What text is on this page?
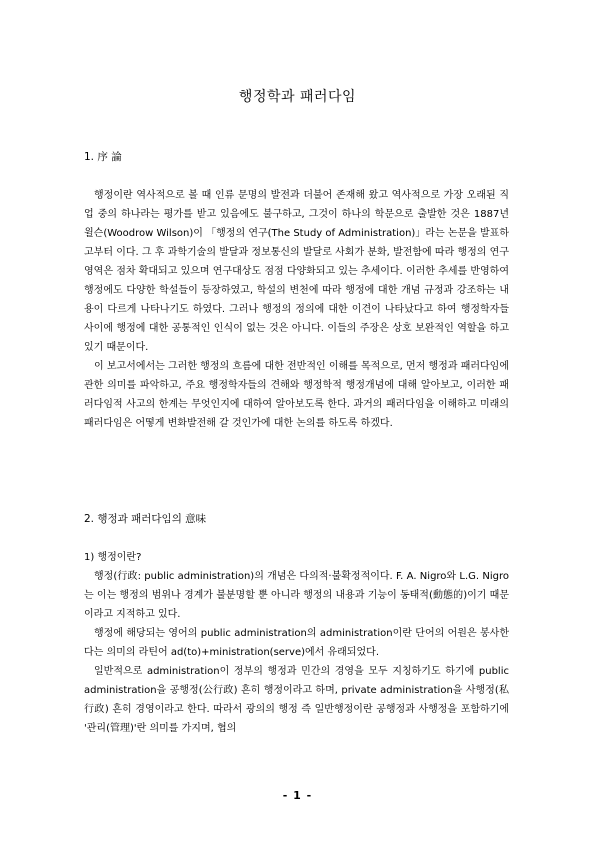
행정학과 패러다임

1. 序 論

행정이란 역사적으로 볼 때 인류 문명의 발전과 더불어 존재해 왔고 역사적으로 가장 오래된 직업 중의 하나라는 평가를 받고 있음에도 불구하고, 그것이 하나의 학문으로 출발한 것은 1887년 윌슨(Woodrow Wilson)이 「행정의 연구(The Study of Administration)」라는 논문을 발표하고부터 이다. 그 후 과학기술의 발달과 정보통신의 발달로 사회가 분화, 발전함에 따라 행정의 연구영역은 점차 확대되고 있으며 연구대상도 점점 다양화되고 있는 추세이다. 이러한 추세를 반영하여 행정에도 다양한 학설들이 등장하였고, 학설의 변천에 따라 행정에 대한 개념 규정과 강조하는 내용이 다르게 나타나기도 하였다. 그러나 행정의 정의에 대한 이견이 나타났다고 하여 행정학자들 사이에 행정에 대한 공통적인 인식이 없는 것은 아니다. 이들의 주장은 상호 보완적인 역할을 하고 있기 때문이다.

이 보고서에서는 그러한 행정의 흐름에 대한 전반적인 이해를 목적으로, 먼저 행정과 패러다임에 관한 의미를 파악하고, 주요 행정학자들의 견해와 행정학적 행정개념에 대해 알아보고, 이러한 패러다임적 사고의 한계는 무엇인지에 대하여 알아보도록 한다. 과거의 패러다임을 이해하고 미래의 패러다임은 어떻게 변화발전해 갈 것인가에 대한 논의를 하도록 하겠다.

2. 행정과 패러다임의 意味

1) 행정이란?

행정(行政: public administration)의 개념은 다의적·불확정적이다. F. A. Nigro와 L.G. Nigro는 이는 행정의 범위나 경계가 불분명할 뿐 아니라 행정의 내용과 기능이 동태적(動態的)이기 때문이라고 지적하고 있다.

행정에 해당되는 영어의 public administration의 administration이란 단어의 어원은 봉사한다는 의미의 라틴어 ad(to)+ministration(serve)에서 유래되었다.

일반적으로 administration이 정부의 행정과 민간의 경영을 모두 지칭하기도 하기에 public administration을 공행정(公行政) 흔히 행정이라고 하며, private administration을 사행정(私行政) 흔히 경영이라고 한다. 따라서 광의의 행정 즉 일반행정이란 공행정과 사행정을 포함하기에 '관리(管理)'란 의미를 가지며, 협의

- 1 -
